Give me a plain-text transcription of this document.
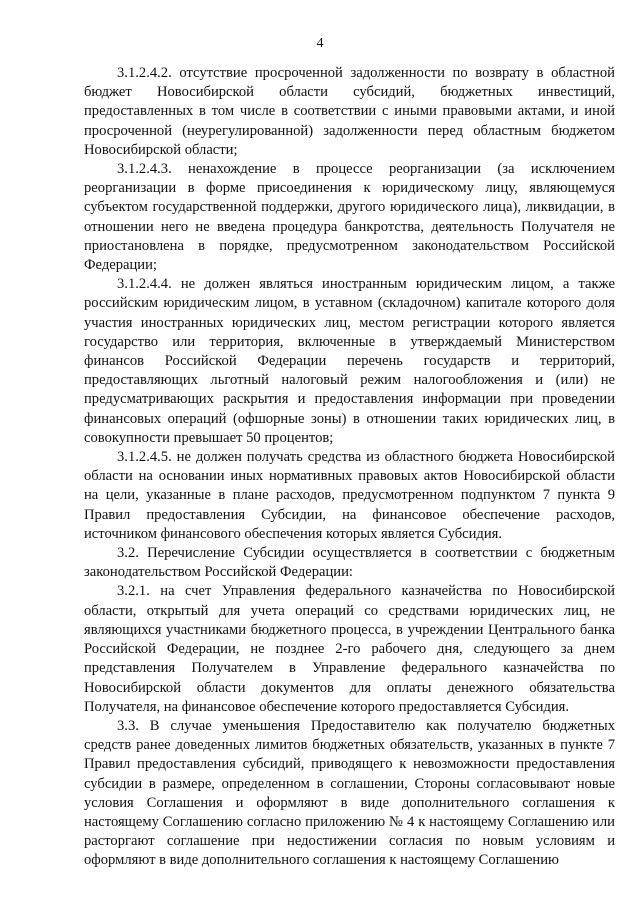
4

3.1.2.4.2. отсутствие просроченной задолженности по возврату в областной бюджет Новосибирской области субсидий, бюджетных инвестиций, предоставленных в том числе в соответствии с иными правовыми актами, и иной просроченной (неурегулированной) задолженности перед областным бюджетом Новосибирской области;

3.1.2.4.3. ненахождение в процессе реорганизации (за исключением реорганизации в форме присоединения к юридическому лицу, являющемуся субъектом государственной поддержки, другого юридического лица), ликвидации, в отношении него не введена процедура банкротства, деятельность Получателя не приостановлена в порядке, предусмотренном законодательством Российской Федерации;

3.1.2.4.4. не должен являться иностранным юридическим лицом, а также российским юридическим лицом, в уставном (складочном) капитале которого доля участия иностранных юридических лиц, местом регистрации которого является государство или территория, включенные в утверждаемый Министерством финансов Российской Федерации перечень государств и территорий, предоставляющих льготный налоговый режим налогообложения и (или) не предусматривающих раскрытия и предоставления информации при проведении финансовых операций (офшорные зоны) в отношении таких юридических лиц, в совокупности превышает 50 процентов;

3.1.2.4.5. не должен получать средства из областного бюджета Новосибирской области на основании иных нормативных правовых актов Новосибирской области на цели, указанные в плане расходов, предусмотренном подпунктом 7 пункта 9 Правил предоставления Субсидии, на финансовое обеспечение расходов, источником финансового обеспечения которых является Субсидия.

3.2. Перечисление Субсидии осуществляется в соответствии с бюджетным законодательством Российской Федерации:

3.2.1. на счет Управления федерального казначейства по Новосибирской области, открытый для учета операций со средствами юридических лиц, не являющихся участниками бюджетного процесса, в учреждении Центрального банка Российской Федерации, не позднее 2-го рабочего дня, следующего за днем представления Получателем в Управление федерального казначейства по Новосибирской области документов для оплаты денежного обязательства Получателя, на финансовое обеспечение которого предоставляется Субсидия.

3.3. В случае уменьшения Предоставителю как получателю бюджетных средств ранее доведенных лимитов бюджетных обязательств, указанных в пункте 7 Правил предоставления субсидий, приводящего к невозможности предоставления субсидии в размере, определенном в соглашении, Стороны согласовывают новые условия Соглашения и оформляют в виде дополнительного соглашения к настоящему Соглашению согласно приложению № 4 к настоящему Соглашению или расторгают соглашение при недостижении согласия по новым условиям и оформляют в виде дополнительного соглашения к настоящему Соглашению
